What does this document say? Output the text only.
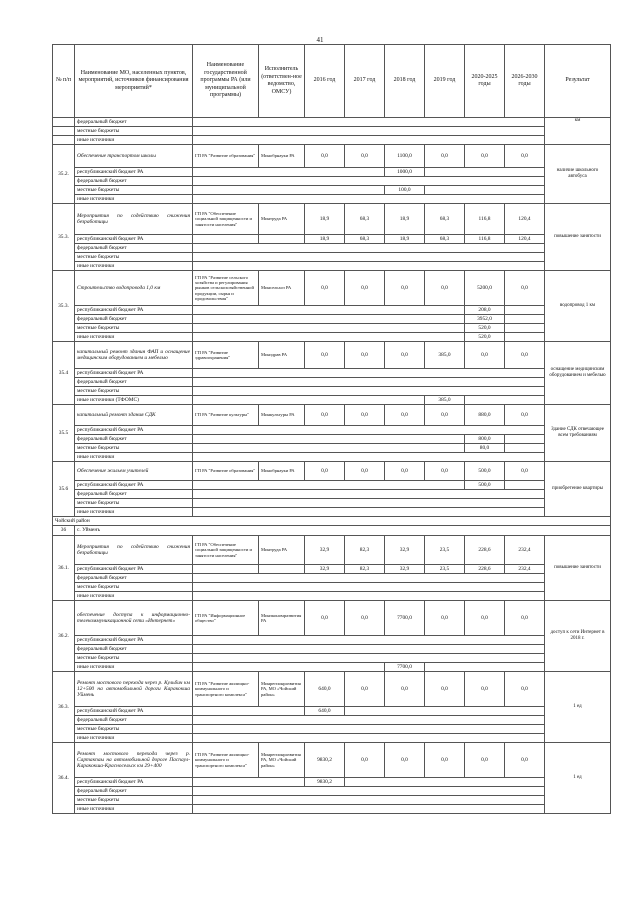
41
№ п/п	Наименование МО, населенных пунктов, мероприятий, источников финансирования мероприятий*	Наименование государственной программы РА (или муниципальной программы)	Исполнитель (ответствен-ное ведомство, ОМСУ)	2016 год	2017 год	2018 год	2019 год	2020-2025 годы	2026-2030 годы	Результат
	федеральный бюджет									км
	местные бюджеты									
	иные источники									
35.2.	Обеспечение транспортом школы	ГП РА "Развитие образования"	Минобрнауки РА	0,0	0,0	1100,0	0,0	0,0	0,0	наличие школьного автобуса
	республиканский бюджет РА					1000,0				
	федеральный бюджет									
	местные бюджеты					100,0				
	иные источники									
35.3.	Мероприятия по содействию снижения безработицы	ГП РА "Обеспечение социальной защищенности и занятости населения"	Минтруда РА	18,9	68,3	18,9	68,3	116,8	120,4	повышение занятости
	республиканский бюджет РА			18,9	68,3	18,9	68,3	116,8	120,4	
	федеральный бюджет									
	местные бюджеты									
	иные источники									
35.3.	Строительство водопровода 1,0 км	ГП РА "Развитие сельского хозяйства и регулирования рынков сельскохозяйственной продукции, сырья и продовольствия"	Минсельхоз РА	0,0	0,0	0,0	0,0	5200,0	0,0	водопровод 1 км
	республиканский бюджет РА							208,0		
	федеральный бюджет							3952,0		
	местные бюджеты							520,0		
	иные источники							520,0		
35.4	капитальный ремонт здания ФАП и оснащение медицинским оборудованием и мебелью	ГП РА "Развитие здравоохранения"	Минздрав РА	0,0	0,0	0,0	385,0	0,0	0,0	оснащение медицинским оборудованием и мебелью
	республиканский бюджет РА									
	федеральный бюджет									
	местные бюджеты									
	иные источники (ТФОМС)						385,0			
35.5	капитальный ремонт здания СДК	ГП РА "Развитие культуры"	Минкультуры РА	0,0	0,0	0,0	0,0	880,0	0,0	Здание СДК отвечающее всем требованиям
	республиканский бюджет РА									
	федеральный бюджет							800,0		
	местные бюджеты							80,0		
	иные источники									
35.6	Обеспечение жильем учителей	ГП РА "Развитие образования"	Минобрнауки РА	0,0	0,0	0,0	0,0	500,0	0,0	приобретение квартиры
	республиканский бюджет РА							500,0		
	федеральный бюджет									
	местные бюджеты									
	иные источники									
Чойский район										
36	с. Уйменъ									
36.1.	Мероприятия по содействию снижения безработицы	ГП РА "Обеспечение социальной защищенности и занятости населения"	Минтруда РА	32,9	82,3	32,9	23,5	228,6	232,4	повышение занятости
	республиканский бюджет РА			32,9	82,3	32,9	23,5	228,6	232,4	
	федеральный бюджет									
	местные бюджеты									
	иные источники									
36.2.	обеспечение доступа к информационно-телекоммуникационной сети «Интернет»	ГП РА "Информационное общество"	Минэкономразвития РА	0,0	0,0	7700,0	0,0	0,0	0,0	доступ к сети Интернет в 2018 г.
	республиканский бюджет РА									
	федеральный бюджет									
	местные бюджеты									
	иные источники					7700,0				
36.3.	Ремонт мостового перехода через р. Кульбич км 12+500 на автомобильной дороги Каракокша Уймень	ГП РА "Развитие жилищно-коммунального и транспортного комплекса"	Минрегионразвития РА, МО «Чойский район»	640,0	0,0	0,0	0,0	0,0	0,0	1 ед
	республиканский бюджет РА			640,0						
	федеральный бюджет									
	местные бюджеты									
	иные источники									
36.4.	Ремонт мостового перехода через р. Сартакпаы на автомобильной дороге Паспаул-Каракокша-Красносельск км 29+400	ГП РА "Развитие жилищно-коммунального и транспортного комплекса"	Минрегионразвития РА, МО «Чойский район»	9830,2	0,0	0,0	0,0	0,0	0,0	1 ед
	республиканский бюджет РА			9830,2						
	федеральный бюджет									
	местные бюджеты									
	иные источники									
